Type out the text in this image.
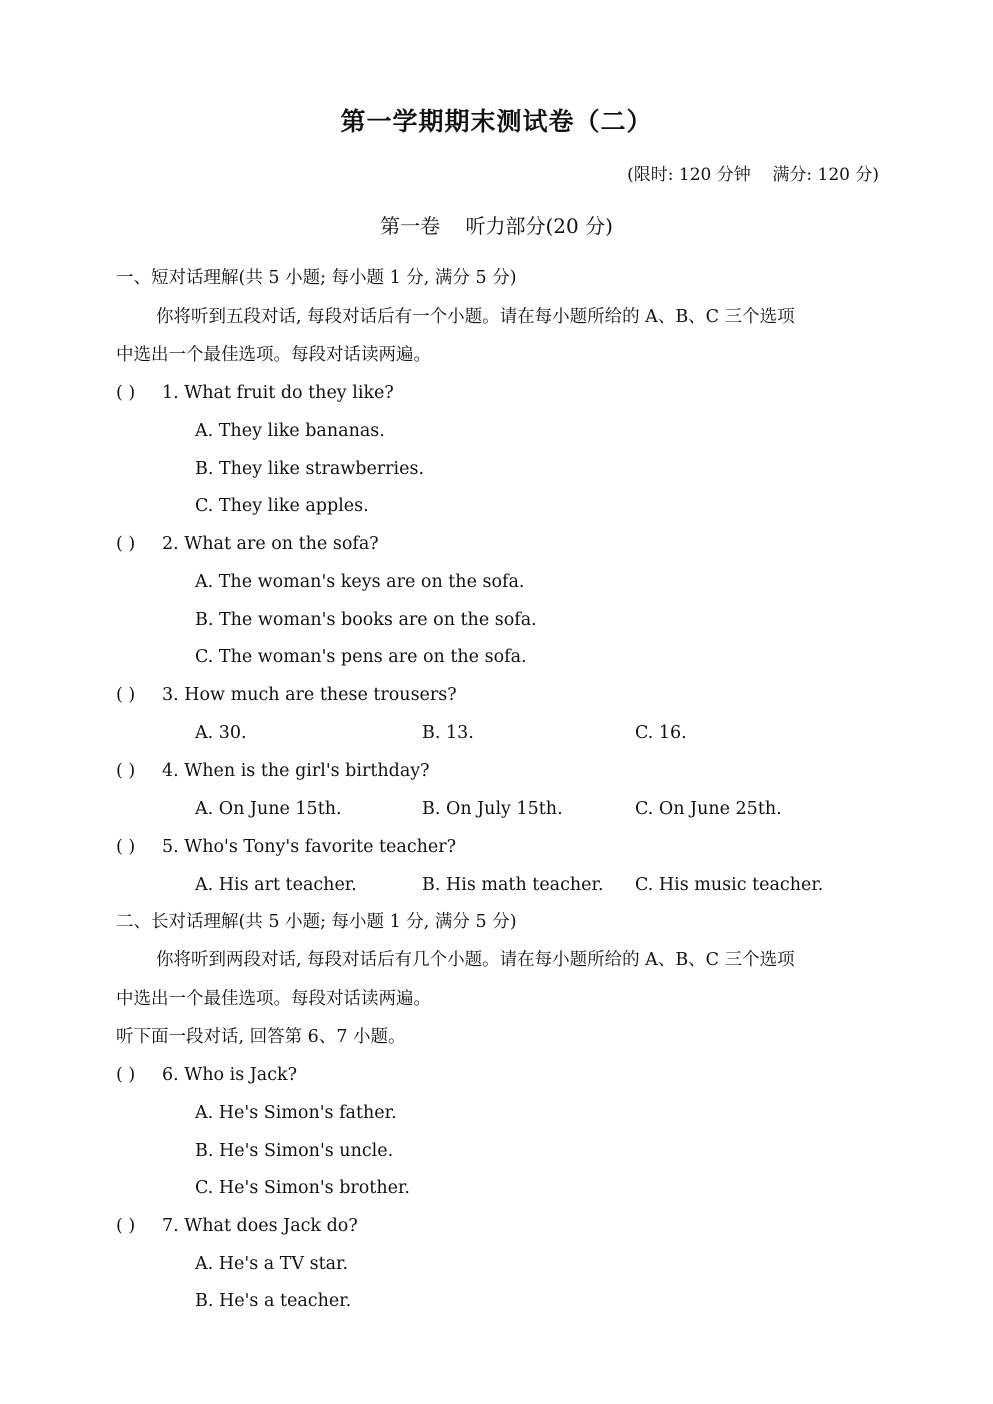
第一学期期末测试卷（二）
(限时: 120 分钟    满分: 120 分)
第一卷    听力部分(20 分)
一、短对话理解(共 5 小题; 每小题 1 分, 满分 5 分)
你将听到五段对话, 每段对话后有一个小题。请在每小题所给的 A、B、C 三个选项
中选出一个最佳选项。每段对话读两遍。
( ) 1. What fruit do they like?
A. They like bananas.
B. They like strawberries.
C. They like apples.
( ) 2. What are on the sofa?
A. The woman's keys are on the sofa.
B. The woman's books are on the sofa.
C. The woman's pens are on the sofa.
( ) 3. How much are these trousers?
A. 30.	B. 13.	C. 16.
( ) 4. When is the girl's birthday?
A. On June 15th.	B. On July 15th.	C. On June 25th.
( ) 5. Who's Tony's favorite teacher?
A. His art teacher.	B. His math teacher. C. His music teacher.
二、长对话理解(共 5 小题; 每小题 1 分, 满分 5 分)
你将听到两段对话, 每段对话后有几个小题。请在每小题所给的 A、B、C 三个选项
中选出一个最佳选项。每段对话读两遍。
听下面一段对话, 回答第 6、7 小题。
( ) 6. Who is Jack?
A. He's Simon's father.
B. He's Simon's uncle.
C. He's Simon's brother.
( ) 7. What does Jack do?
A. He's a TV star.
B. He's a teacher.
